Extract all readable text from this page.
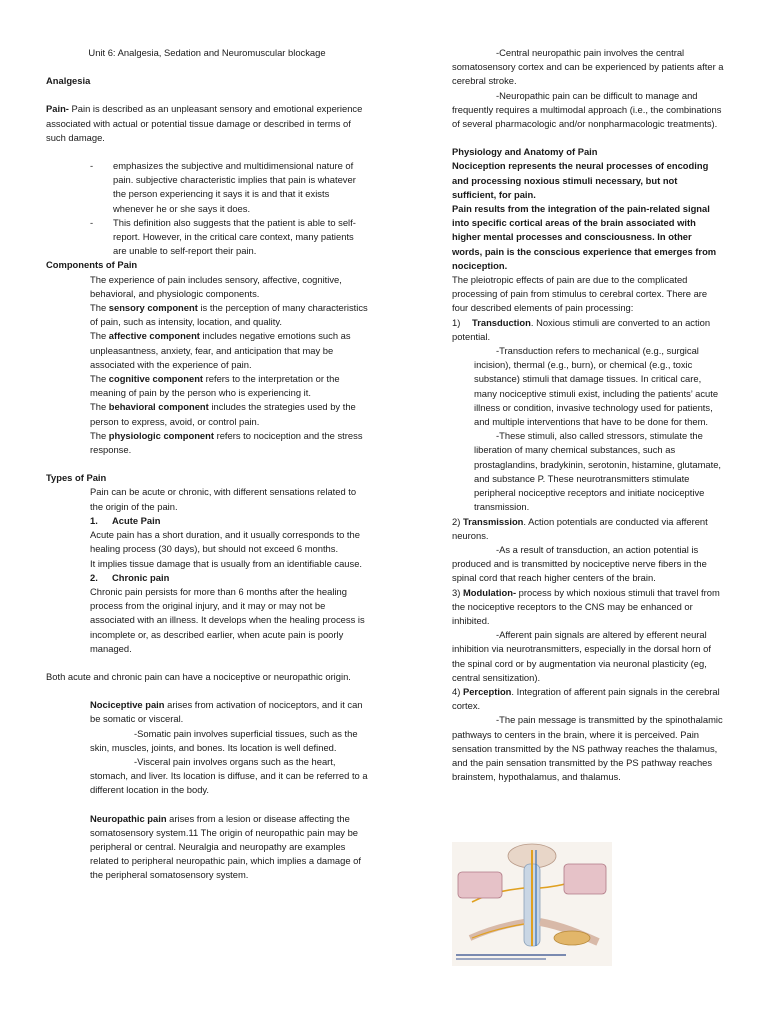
Unit 6: Analgesia, Sedation and Neuromuscular blockage

Analgesia

Pain- Pain is described as an unpleasant sensory and emotional experience associated with actual or potential tissue damage or described in terms of such damage.

- emphasizes the subjective and multidimensional nature of pain. subjective characteristic implies that pain is whatever the person experiencing it says it is and that it exists whenever he or she says it does.

- This definition also suggests that the patient is able to self-report. However, in the critical care context, many patients are unable to self-report their pain.

Components of Pain

The experience of pain includes sensory, affective, cognitive, behavioral, and physiologic components.

The sensory component is the perception of many characteristics of pain, such as intensity, location, and quality.

The affective component includes negative emotions such as unpleasantness, anxiety, fear, and anticipation that may be associated with the experience of pain.

The cognitive component refers to the interpretation or the meaning of pain by the person who is experiencing it.

The behavioral component includes the strategies used by the person to express, avoid, or control pain.

The physiologic component refers to nociception and the stress response.

Types of Pain

Pain can be acute or chronic, with different sensations related to the origin of the pain.

1. Acute Pain

Acute pain has a short duration, and it usually corresponds to the healing process (30 days), but should not exceed 6 months.

It implies tissue damage that is usually from an identifiable cause.

2. Chronic pain

Chronic pain persists for more than 6 months after the healing process from the original injury, and it may or may not be associated with an illness. It develops when the healing process is incomplete or, as described earlier, when acute pain is poorly managed.

Both acute and chronic pain can have a nociceptive or neuropathic origin.

Nociceptive pain arises from activation of nociceptors, and it can be somatic or visceral.

-Somatic pain involves superficial tissues, such as the skin, muscles, joints, and bones. Its location is well defined.

-Visceral pain involves organs such as the heart, stomach, and liver. Its location is diffuse, and it can be referred to a different location in the body.

Neuropathic pain arises from a lesion or disease affecting the somatosensory system.11 The origin of neuropathic pain may be peripheral or central. Neuralgia and neuropathy are examples related to peripheral neuropathic pain, which implies a damage of the peripheral somatosensory system.

-Central neuropathic pain involves the central somatosensory cortex and can be experienced by patients after a cerebral stroke.

-Neuropathic pain can be difficult to manage and frequently requires a multimodal approach (i.e., the combinations of several pharmacologic and/or nonpharmacologic treatments).

Physiology and Anatomy of Pain

Nociception represents the neural processes of encoding and processing noxious stimuli necessary, but not sufficient, for pain.

Pain results from the integration of the pain-related signal into specific cortical areas of the brain associated with higher mental processes and consciousness. In other words, pain is the conscious experience that emerges from nociception.

The pleiotropic effects of pain are due to the complicated processing of pain from stimulus to cerebral cortex. There are four described elements of pain processing:

1) Transduction. Noxious stimuli are converted to an action potential.

-Transduction refers to mechanical (e.g., surgical incision), thermal (e.g., burn), or chemical (e.g., toxic substance) stimuli that damage tissues. In critical care, many nociceptive stimuli exist, including the patients’ acute illness or condition, invasive technology used for patients, and multiple interventions that have to be done for them.

-These stimuli, also called stressors, stimulate the liberation of many chemical substances, such as prostaglandins, bradykinin, serotonin, histamine, glutamate, and substance P. These neurotransmitters stimulate peripheral nociceptive receptors and initiate nociceptive transmission.

2) Transmission. Action potentials are conducted via afferent neurons.

-As a result of transduction, an action potential is produced and is transmitted by nociceptive nerve fibers in the spinal cord that reach higher centers of the brain.

3) Modulation- process by which noxious stimuli that travel from the nociceptive receptors to the CNS may be enhanced or inhibited.

-Afferent pain signals are altered by efferent neural inhibition via neurotransmitters, especially in the dorsal horn of the spinal cord or by augmentation via neuronal plasticity (eg, central sensitization).

4) Perception. Integration of afferent pain signals in the cerebral cortex.

-The pain message is transmitted by the spinothalamic pathways to centers in the brain, where it is perceived. Pain sensation transmitted by the NS pathway reaches the thalamus, and the pain sensation transmitted by the PS pathway reaches brainstem, hypothalamus, and thalamus.
